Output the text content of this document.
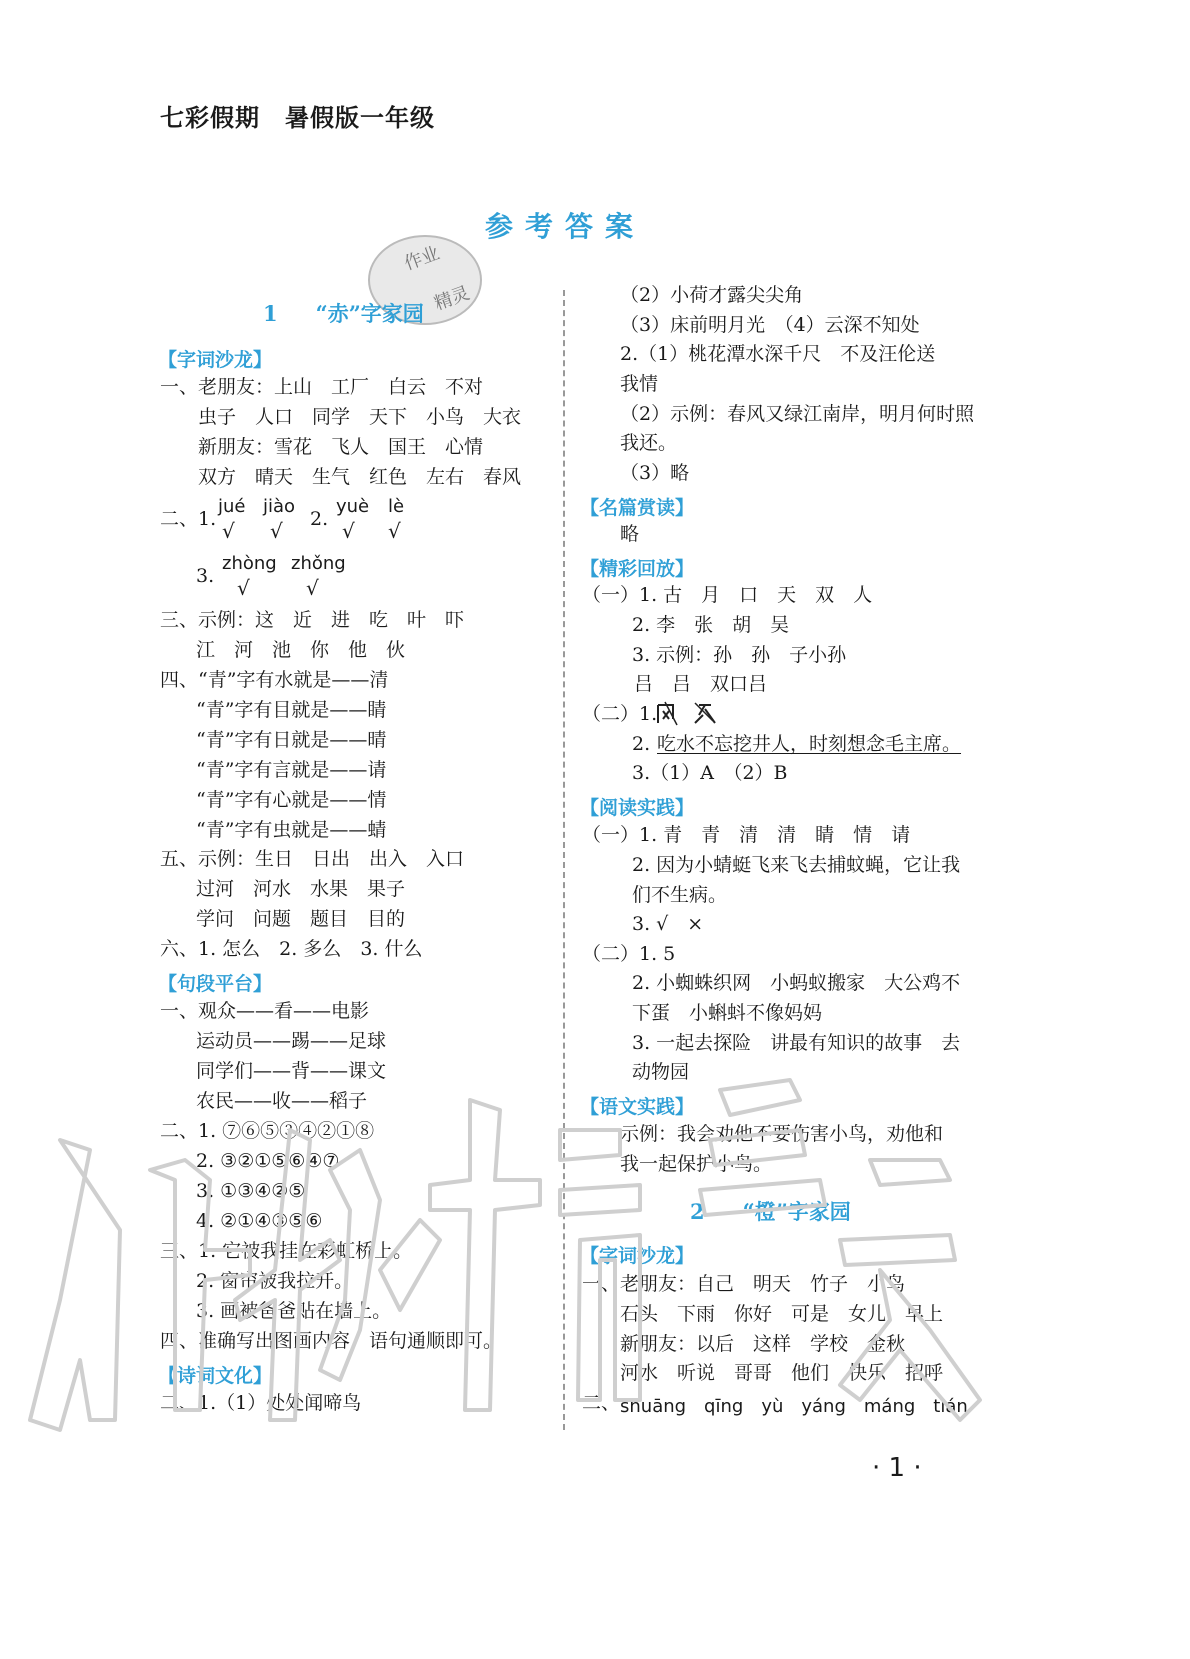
七彩假期　暑假版一年级
参考答案
作业
精灵
1 “赤”字家园
【字词沙龙】
一、老朋友：上山　工厂　白云　不对
虫子　人口　同学　天下　小鸟　大衣
新朋友：雪花　飞人　国王　心情
双方　晴天　生气　红色　左右　春风
jué jiào yuè lè
二、1.	2.
√ √	√ √
zhòng zhǒng
3. √	√
三、示例：这　近　进　吃　叶　吓
江　河　池　你　他　伙
四、“青”字有水就是——清
“青”字有目就是——睛
“青”字有日就是——晴
“青”字有言就是——请
“青”字有心就是——情
“青”字有虫就是——蜻
五、示例：生日　日出　出入　入口
过河　河水　水果　果子
学问　问题　题目　目的
六、1. 怎么　2. 多么　3. 什么
【句段平台】
一、观众——看——电影
运动员——踢——足球
同学们——背——课文
农民——收——稻子
二、1. ⑦⑥⑤③④②①⑧
2. ③②①⑤⑥④⑦
3. ①③④②⑤
4. ②①④③⑤⑥
三、1. 它被我挂在彩虹桥上。
2. 窗帘被我拉开。
3. 画被爸爸贴在墙上。
四、准确写出图画内容，语句通顺即可。
【诗词文化】
二、1.（1）处处闻啼鸟
（2）小荷才露尖尖角
（3）床前明月光　（4）云深不知处
2.（1）桃花潭水深千尺　不及汪伦送
我情
（2）示例：春风又绿江南岸，明月何时照
我还。
（3）略
【名篇赏读】
略
【精彩回放】
（一）1. 古　月　口　天　双　人
2. 李　张　胡　吴
3. 示例：孙　孙　子小孙
吕　吕　双口吕
（二）1.
2. 吃水不忘挖井人，时刻想念毛主席。
3.（1）A　（2）B
【阅读实践】
（一）1. 青　青　清　清　睛　情　请
2. 因为小蜻蜓飞来飞去捕蚊蝇，它让我
们不生病。
3. √　×
（二）1. 5
2. 小蜘蛛织网　小蚂蚁搬家　大公鸡不
下蛋　小蝌蚪不像妈妈
3. 一起去探险　讲最有知识的故事　去
动物园
【语文实践】
示例：我会劝他不要伤害小鸟，劝他和
我一起保护小鸟。
2 “橙”字家园
【字词沙龙】
一、老朋友：自己　明天　竹子　小鸟
石头　下雨　你好　可是　女儿　早上
新朋友：以后　这样　学校　金秋
河水　听说　哥哥　他们　快乐　招呼
二、 shuāng　qīng　yù　yáng　máng　tián
· 1 ·
